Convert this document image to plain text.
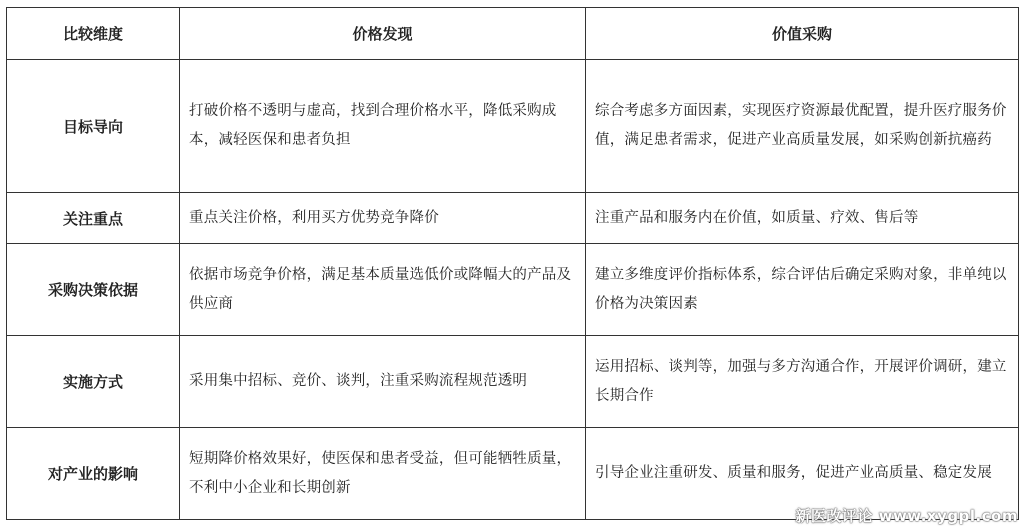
比较维度	价格发现	价值采购
目标导向	打破价格不透明与虚高，找到合理价格水平，降低采购成本，减轻医保和患者负担	综合考虑多方面因素，实现医疗资源最优配置，提升医疗服务价值，满足患者需求，促进产业高质量发展，如采购创新抗癌药
关注重点	重点关注价格，利用买方优势竞争降价	注重产品和服务内在价值，如质量、疗效、售后等
采购决策依据	依据市场竞争价格，满足基本质量选低价或降幅大的产品及供应商	建立多维度评价指标体系，综合评估后确定采购对象，非单纯以价格为决策因素
实施方式	采用集中招标、竞价、谈判，注重采购流程规范透明	运用招标、谈判等，加强与多方沟通合作，开展评价调研，建立长期合作
对产业的影响	短期降价格效果好，使医保和患者受益，但可能牺牲质量，不利中小企业和长期创新	引导企业注重研发、质量和服务，促进产业高质量、稳定发展
新医改评论 www.xygpl.com
